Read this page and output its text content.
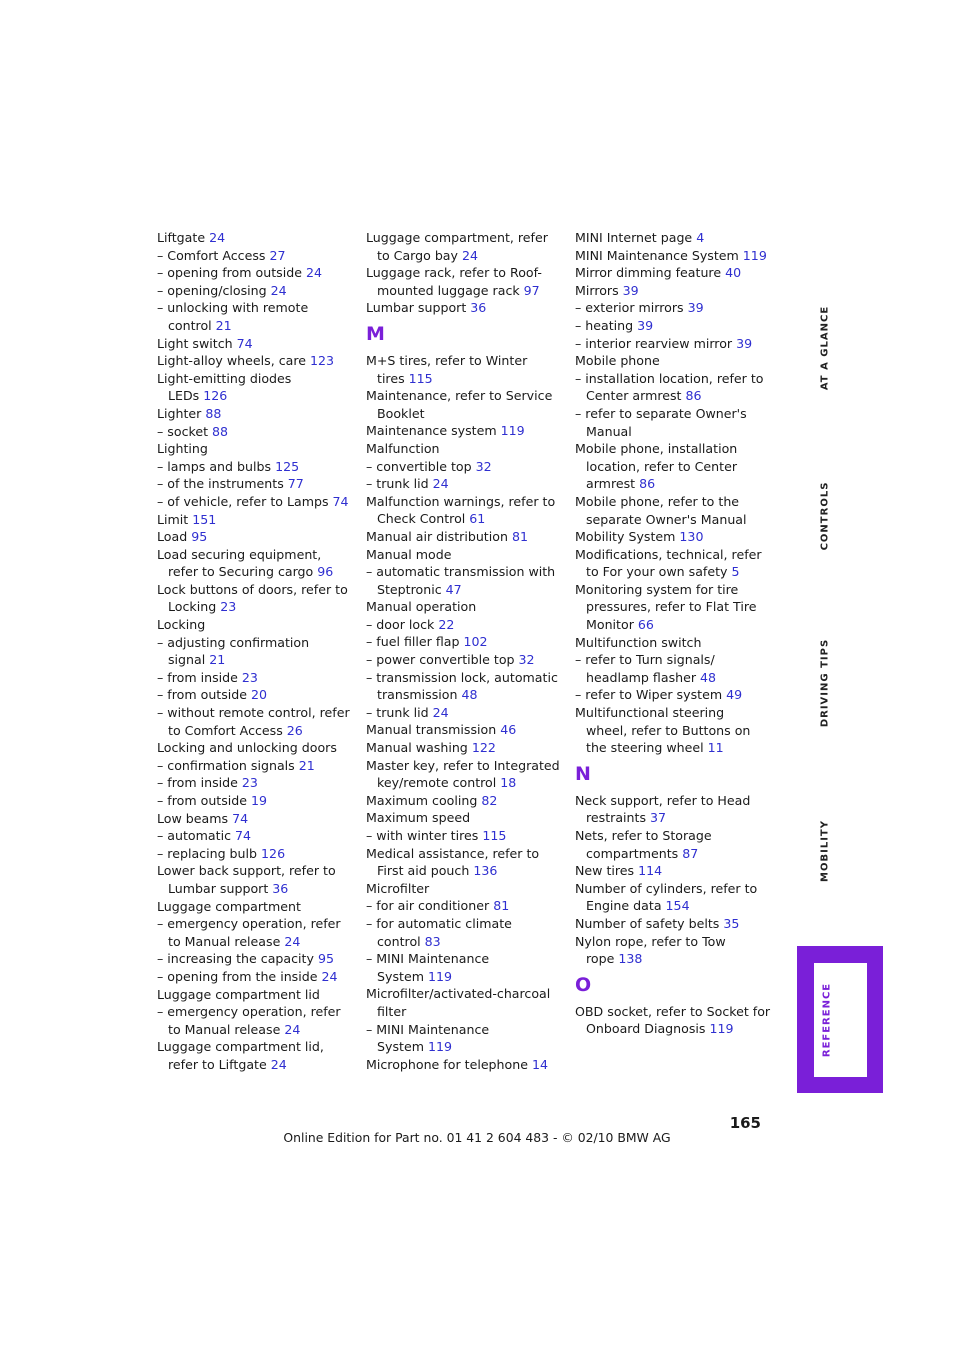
Liftgate 24
– Comfort Access 27
– opening from outside 24
– opening/closing 24
– unlocking with remote
control 21
Light switch 74
Light-alloy wheels, care 123
Light-emitting diodes
LEDs 126
Lighter 88
– socket 88
Lighting
– lamps and bulbs 125
– of the instruments 77
– of vehicle, refer to Lamps 74
Limit 151
Load 95
Load securing equipment,
refer to Securing cargo 96
Lock buttons of doors, refer to
Locking 23
Locking
– adjusting confirmation
signal 21
– from inside 23
– from outside 20
– without remote control, refer
to Comfort Access 26
Locking and unlocking doors
– confirmation signals 21
– from inside 23
– from outside 19
Low beams 74
– automatic 74
– replacing bulb 126
Lower back support, refer to
Lumbar support 36
Luggage compartment
– emergency operation, refer
to Manual release 24
– increasing the capacity 95
– opening from the inside 24
Luggage compartment lid
– emergency operation, refer
to Manual release 24
Luggage compartment lid,
refer to Liftgate 24
Luggage compartment, refer
to Cargo bay 24
Luggage rack, refer to Roof-
mounted luggage rack 97
Lumbar support 36
M
M+S tires, refer to Winter
tires 115
Maintenance, refer to Service
Booklet
Maintenance system 119
Malfunction
– convertible top 32
– trunk lid 24
Malfunction warnings, refer to
Check Control 61
Manual air distribution 81
Manual mode
– automatic transmission with
Steptronic 47
Manual operation
– door lock 22
– fuel filler flap 102
– power convertible top 32
– transmission lock, automatic
transmission 48
– trunk lid 24
Manual transmission 46
Manual washing 122
Master key, refer to Integrated
key/remote control 18
Maximum cooling 82
Maximum speed
– with winter tires 115
Medical assistance, refer to
First aid pouch 136
Microfilter
– for air conditioner 81
– for automatic climate
control 83
– MINI Maintenance
System 119
Microfilter/activated-charcoal
filter
– MINI Maintenance
System 119
Microphone for telephone 14
MINI Internet page 4
MINI Maintenance System 119
Mirror dimming feature 40
Mirrors 39
– exterior mirrors 39
– heating 39
– interior rearview mirror 39
Mobile phone
– installation location, refer to
Center armrest 86
– refer to separate Owner's
Manual
Mobile phone, installation
location, refer to Center
armrest 86
Mobile phone, refer to the
separate Owner's Manual
Mobility System 130
Modifications, technical, refer
to For your own safety 5
Monitoring system for tire
pressures, refer to Flat Tire
Monitor 66
Multifunction switch
– refer to Turn signals/
headlamp flasher 48
– refer to Wiper system 49
Multifunctional steering
wheel, refer to Buttons on
the steering wheel 11
N
Neck support, refer to Head
restraints 37
Nets, refer to Storage
compartments 87
New tires 114
Number of cylinders, refer to
Engine data 154
Number of safety belts 35
Nylon rope, refer to Tow
rope 138
O
OBD socket, refer to Socket for
Onboard Diagnosis 119
AT A GLANCE
CONTROLS
DRIVING TIPS
MOBILITY
REFERENCE
165
Online Edition for Part no. 01 41 2 604 483 - © 02/10 BMW AG
